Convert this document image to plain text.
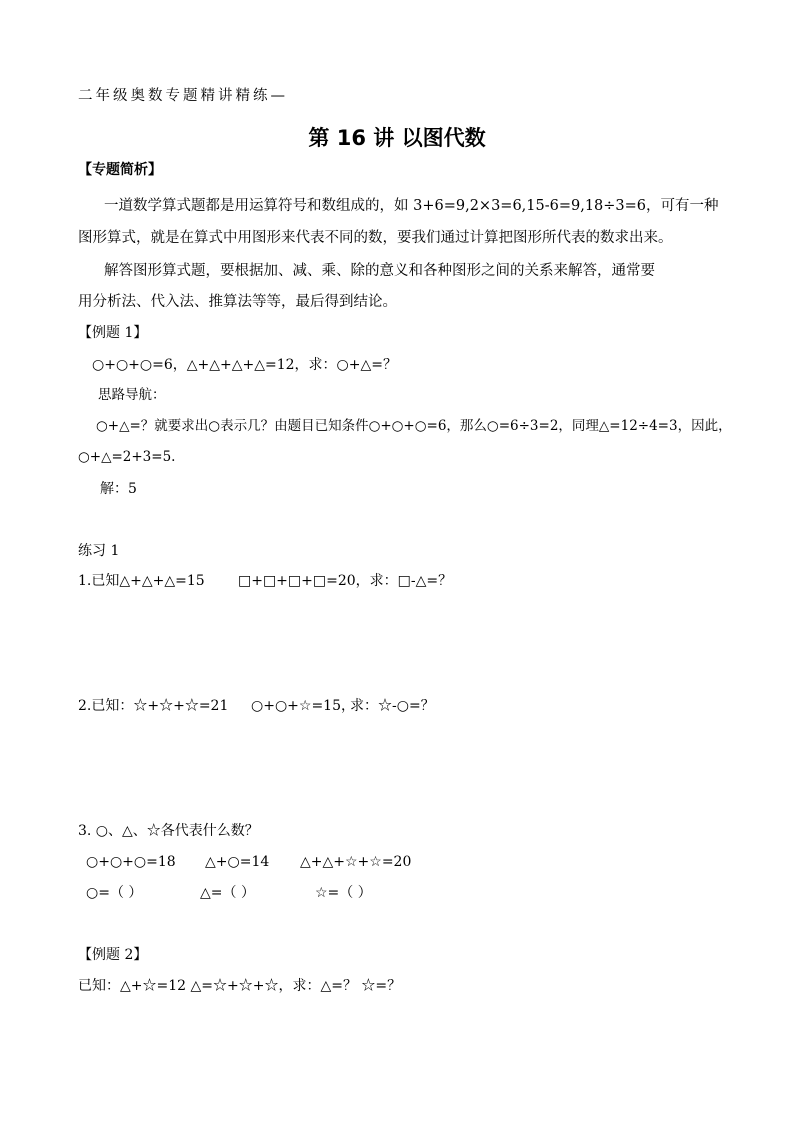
二年级奥数专题精讲精练—
第 16 讲 以图代数
【专题简析】
一道数学算式题都是用运算符号和数组成的，如 3+6=9,2×3=6,15-6=9,18÷3=6，可有一种
图形算式，就是在算式中用图形来代表不同的数，要我们通过计算把图形所代表的数求出来。
解答图形算式题，要根据加、减、乘、除的意义和各种图形之间的关系来解答，通常要
用分析法、代入法、推算法等等，最后得到结论。
【例题 1】
○+○+○=6，△+△+△+△=12，求：○+△=？
思路导航：
○+△=？就要求出○表示几？由题目已知条件○+○+○=6，那么○=6÷3=2，同理△=12÷4=3，因此，
○+△=2+3=5.
解：5
练习 1
1.已知△+△+△=15 □+□+□+□=20，求：□-△=？
2.已知：☆+☆+☆=21 ○+○+☆=15，
求：☆-○=？
3. ○、△、☆各代表什么数？
○+○+○=18 △+○=14 △+△+☆+☆=20
○=（ ）	△=（ ）	☆=（ ）
【例题 2】
已知：△+☆=12 △=☆+☆+☆，求：△=？ ☆=？
